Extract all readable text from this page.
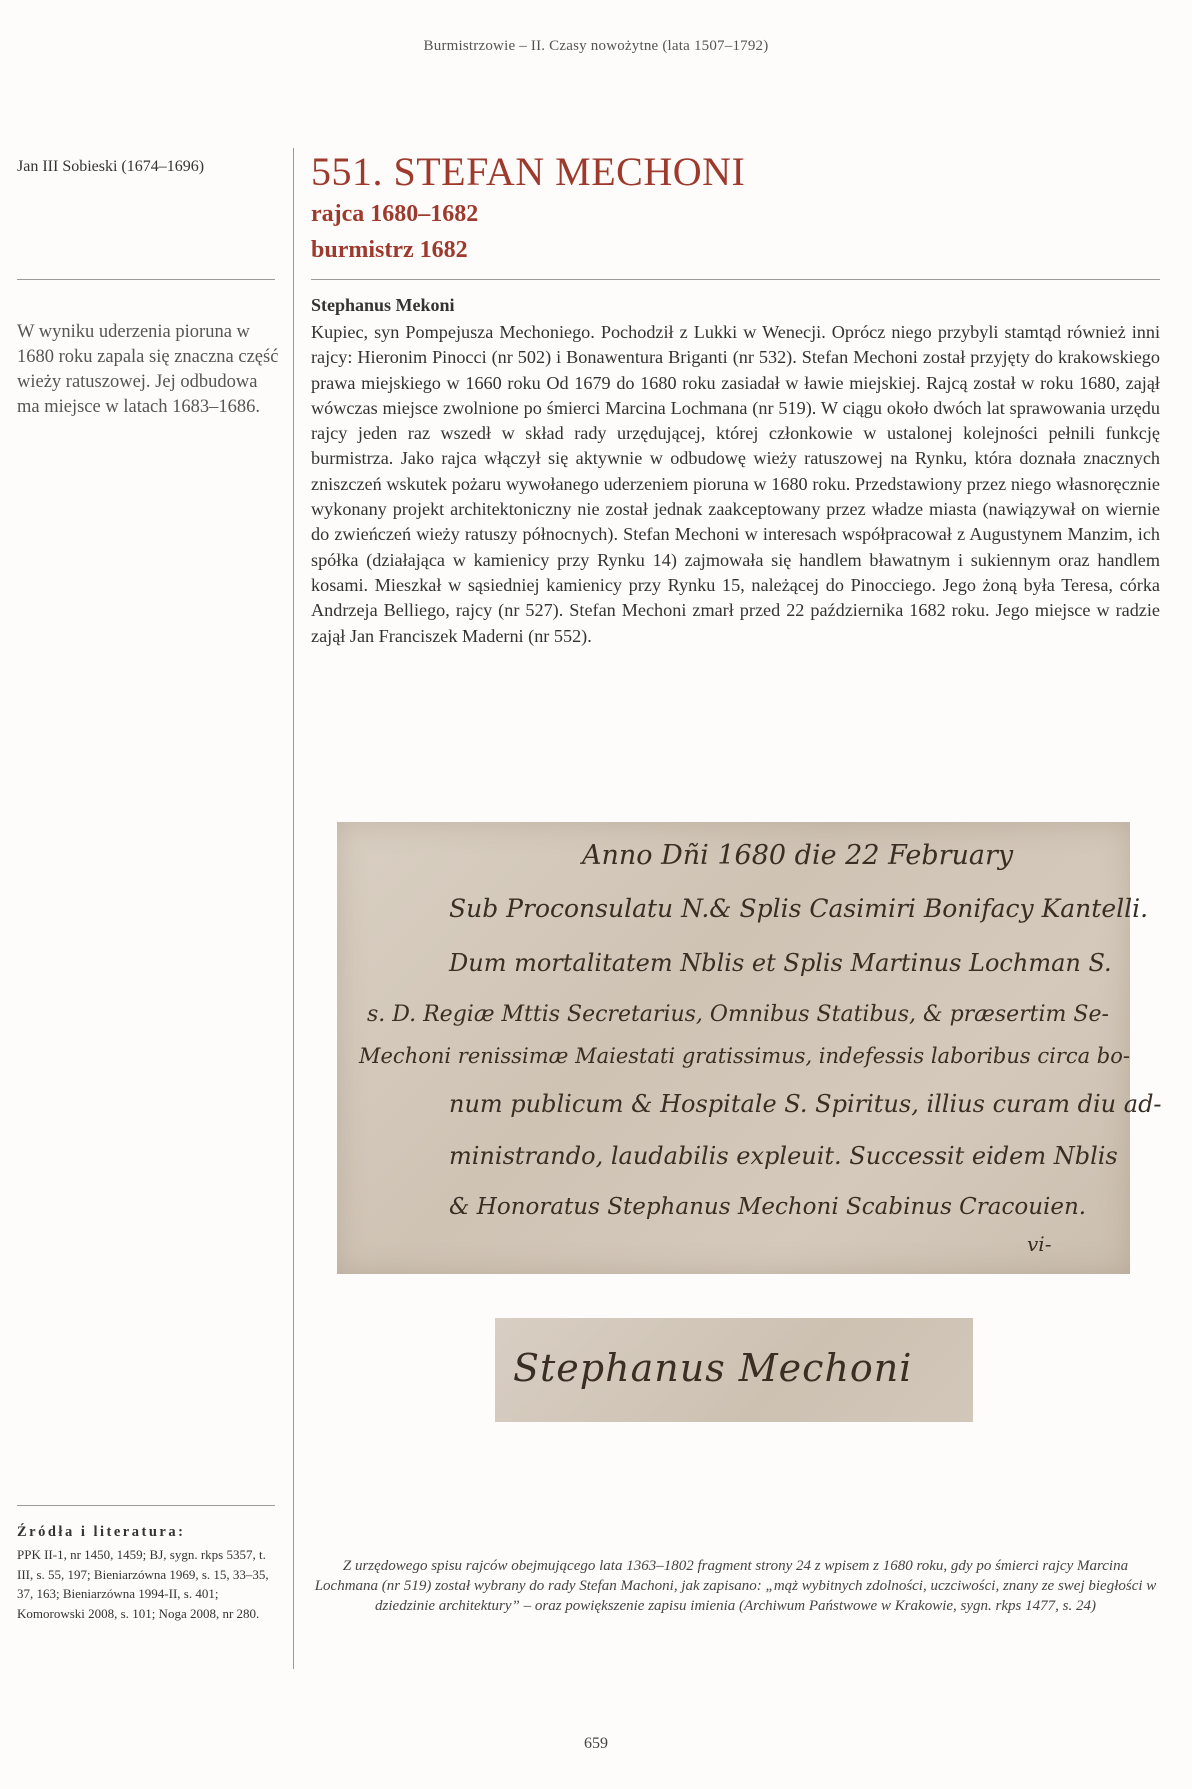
Burmistrzowie – II. Czasy nowożytne (lata 1507–1792)
Jan III Sobieski (1674–1696)
W wyniku uderzenia pioruna w 1680 roku zapala się znaczna część wieży ratuszowej. Jej odbudowa ma miejsce w latach 1683–1686.
551. STEFAN MECHONI
rajca 1680–1682
burmistrz 1682
Stephanus Mekoni

Kupiec, syn Pompejusza Mechoniego. Pochodził z Lukki w Wenecji. Oprócz niego przybyli stamtąd również inni rajcy: Hieronim Pinocci (nr 502) i Bonawentura Briganti (nr 532). Stefan Mechoni został przyjęty do krakowskiego prawa miejskiego w 1660 roku Od 1679 do 1680 roku zasiadał w ławie miejskiej. Rajcą został w roku 1680, zajął wówczas miejsce zwolnione po śmierci Marcina Lochmana (nr 519). W ciągu około dwóch lat sprawowania urzędu rajcy jeden raz wszedł w skład rady urzędującej, której członkowie w ustalonej kolejności pełnili funkcję burmistrza. Jako rajca włączył się aktywnie w odbudowę wieży ratuszowej na Rynku, która doznała znacznych zniszczeń wskutek pożaru wywołanego uderzeniem pioruna w 1680 roku. Przedstawiony przez niego własnoręcznie wykonany projekt architektoniczny nie został jednak zaakceptowany przez władze miasta (nawiązywał on wiernie do zwieńczeń wieży ratuszy północnych). Stefan Mechoni w interesach współpracował z Augustynem Manzim, ich spółka (działająca w kamienicy przy Rynku 14) zajmowała się handlem bławatnym i sukiennym oraz handlem kosami. Mieszkał w sąsiedniej kamienicy przy Rynku 15, należącej do Pinocciego. Jego żoną była Teresa, córka Andrzeja Belliego, rajcy (nr 527). Stefan Mechoni zmarł przed 22 października 1682 roku. Jego miejsce w radzie zajął Jan Franciszek Maderni (nr 552).

Anno Dñi 1680 die 22 February
Sub Proconsulatu N.& Splis Casimiri Bonifacy Kantelli.
Dum mortalitatem Nblis et Splis Martinus Lochman S.
s. D. Regiæ Mttis Secretarius, Omnibus Statibus, & præsertim Se-
Mechoni renissimæ Maiestati gratissimus, indefessis laboribus circa bo-
num publicum & Hospitale S. Spiritus, illius curam diu ad-
ministrando, laudabilis expleuit. Successit eidem Nblis
& Honoratus Stephanus Mechoni Scabinus Cracouien.
vi-
Stephanus Mechoni
Źródła i literatura:
PPK II-1, nr 1450, 1459; BJ, sygn. rkps 5357, t. III, s. 55, 197; Bieniarzówna 1969, s. 15, 33–35, 37, 163; Bieniarzówna 1994-II, s. 401; Komorowski 2008, s. 101; Noga 2008, nr 280.
Z urzędowego spisu rajców obejmującego lata 1363–1802 fragment strony 24 z wpisem z 1680 roku, gdy po śmierci rajcy Marcina Lochmana (nr 519) został wybrany do rady Stefan Machoni, jak zapisano: „mąż wybitnych zdolności, uczciwości, znany ze swej biegłości w dziedzinie architektury” – oraz powiększenie zapisu imienia (Archiwum Państwowe w Krakowie, sygn. rkps 1477, s. 24)
659
